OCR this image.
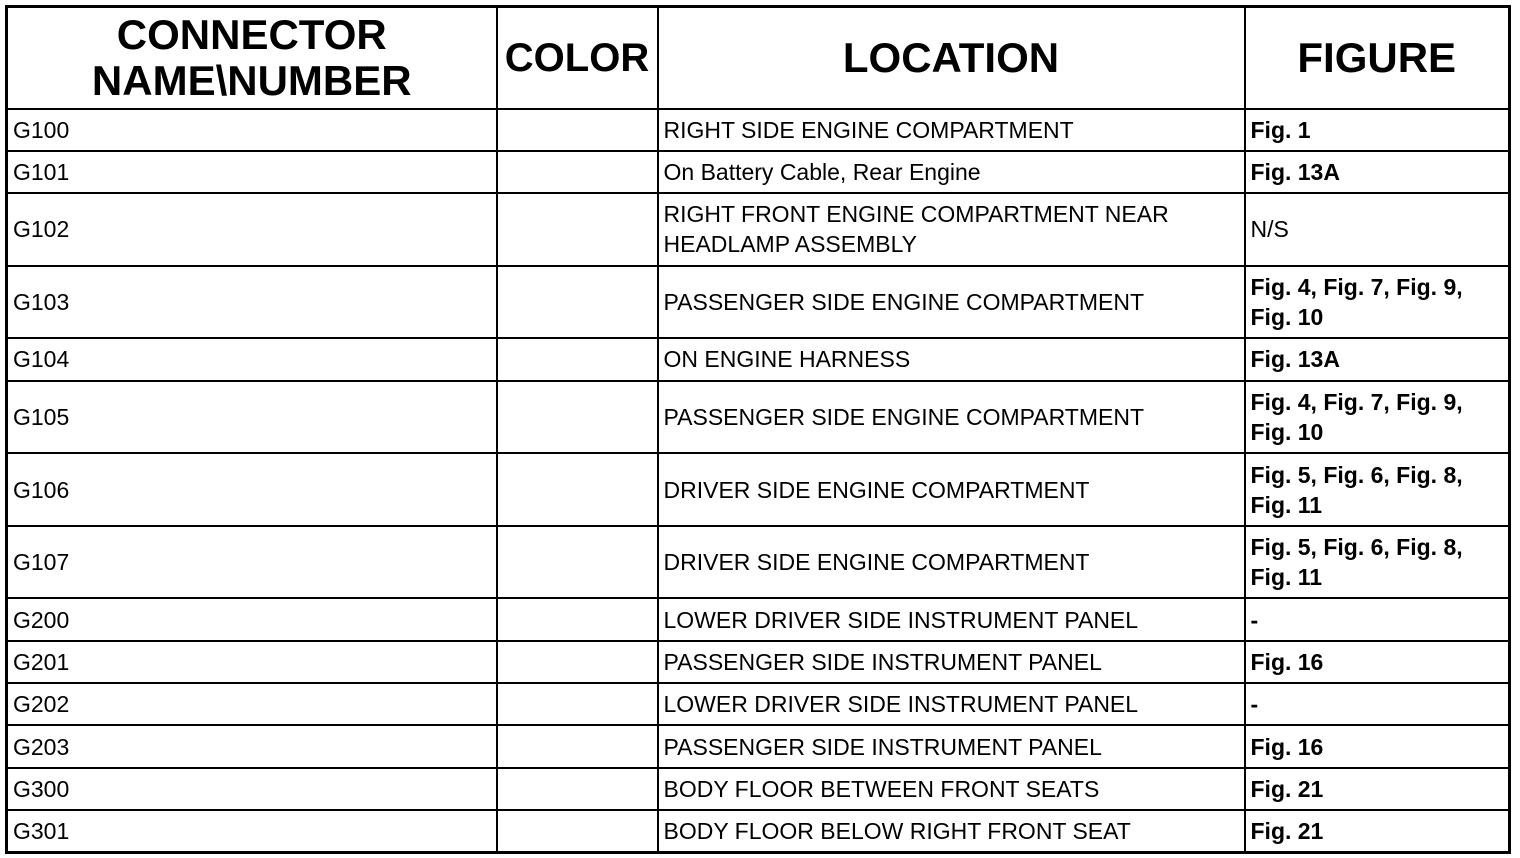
CONNECTOR
NAME\NUMBER	COLOR	LOCATION	FIGURE
G100		RIGHT SIDE ENGINE COMPARTMENT	Fig. 1
G101		On Battery Cable, Rear Engine	Fig. 13A
G102		RIGHT FRONT ENGINE COMPARTMENT NEAR HEADLAMP ASSEMBLY	N/S
G103		PASSENGER SIDE ENGINE COMPARTMENT	Fig. 4, Fig. 7, Fig. 9, Fig. 10
G104		ON ENGINE HARNESS	Fig. 13A
G105		PASSENGER SIDE ENGINE COMPARTMENT	Fig. 4, Fig. 7, Fig. 9, Fig. 10
G106		DRIVER SIDE ENGINE COMPARTMENT	Fig. 5, Fig. 6, Fig. 8, Fig. 11
G107		DRIVER SIDE ENGINE COMPARTMENT	Fig. 5, Fig. 6, Fig. 8, Fig. 11
G200		LOWER DRIVER SIDE INSTRUMENT PANEL	-
G201		PASSENGER SIDE INSTRUMENT PANEL	Fig. 16
G202		LOWER DRIVER SIDE INSTRUMENT PANEL	-
G203		PASSENGER SIDE INSTRUMENT PANEL	Fig. 16
G300		BODY FLOOR BETWEEN FRONT SEATS	Fig. 21
G301		BODY FLOOR BELOW RIGHT FRONT SEAT	Fig. 21
